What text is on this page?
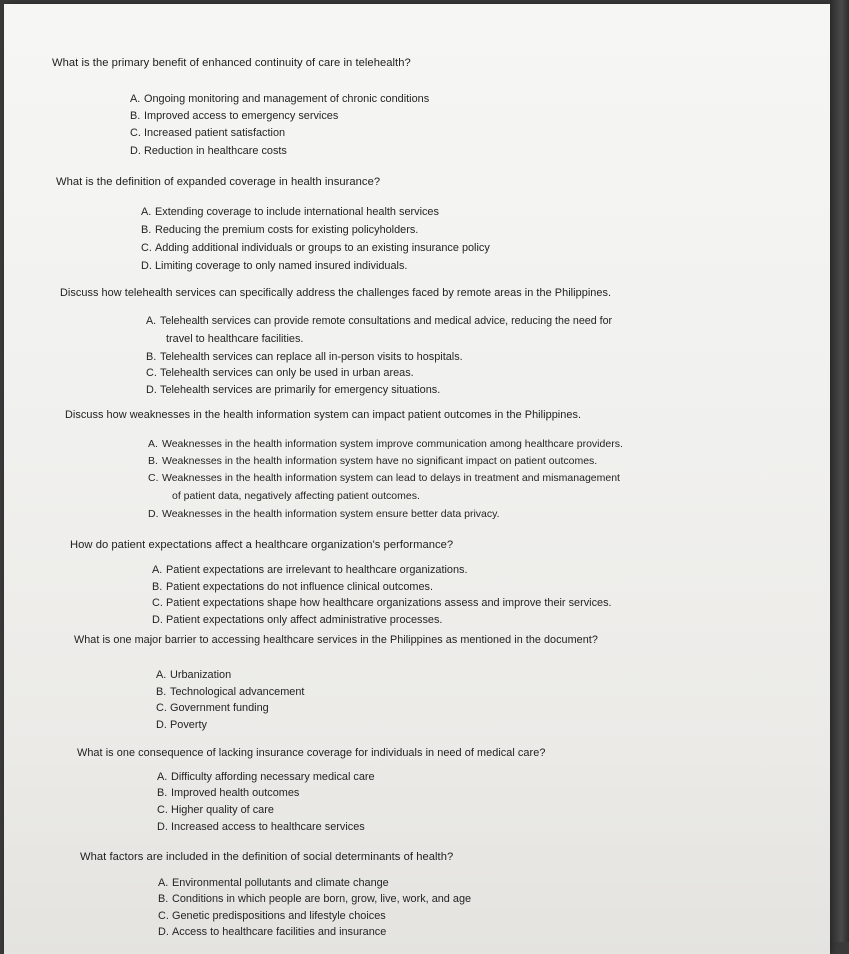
What is the primary benefit of enhanced continuity of care in telehealth?
A. Ongoing monitoring and management of chronic conditions
B. Improved access to emergency services
C. Increased patient satisfaction
D. Reduction in healthcare costs
What is the definition of expanded coverage in health insurance?
A. Extending coverage to include international health services
B. Reducing the premium costs for existing policyholders.
C. Adding additional individuals or groups to an existing insurance policy
D. Limiting coverage to only named insured individuals.
Discuss how telehealth services can specifically address the challenges faced by remote areas in the Philippines.
A. Telehealth services can provide remote consultations and medical advice, reducing the need for
travel to healthcare facilities.
B. Telehealth services can replace all in-person visits to hospitals.
C. Telehealth services can only be used in urban areas.
D. Telehealth services are primarily for emergency situations.
Discuss how weaknesses in the health information system can impact patient outcomes in the Philippines.
A. Weaknesses in the health information system improve communication among healthcare providers.
B. Weaknesses in the health information system have no significant impact on patient outcomes.
C. Weaknesses in the health information system can lead to delays in treatment and mismanagement
of patient data, negatively affecting patient outcomes.
D. Weaknesses in the health information system ensure better data privacy.
How do patient expectations affect a healthcare organization's performance?
A. Patient expectations are irrelevant to healthcare organizations.
B. Patient expectations do not influence clinical outcomes.
C. Patient expectations shape how healthcare organizations assess and improve their services.
D. Patient expectations only affect administrative processes.
What is one major barrier to accessing healthcare services in the Philippines as mentioned in the document?
A. Urbanization
B. Technological advancement
C. Government funding
D. Poverty
What is one consequence of lacking insurance coverage for individuals in need of medical care?
A. Difficulty affording necessary medical care
B. Improved health outcomes
C. Higher quality of care
D. Increased access to healthcare services
What factors are included in the definition of social determinants of health?
A. Environmental pollutants and climate change
B. Conditions in which people are born, grow, live, work, and age
C. Genetic predispositions and lifestyle choices
D. Access to healthcare facilities and insurance
